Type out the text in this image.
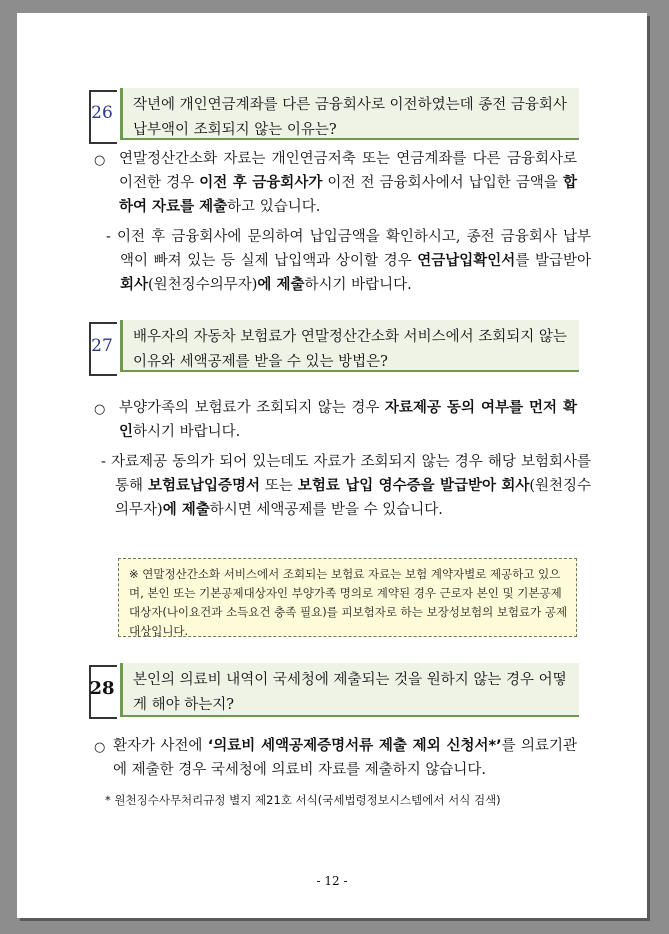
26	작년에 개인연금계좌를 다른 금융회사로 이전하였는데 종전 금융회사 납부액이 조회되지 않는 이유는?
○ 연말정산간소화 자료는 개인연금저축 또는 연금계좌를 다른 금융회사로 이전한 경우 이전 후 금융회사가 이전 전 금융회사에서 납입한 금액을 합하여 자료를 제출하고 있습니다.
- 이전 후 금융회사에 문의하여 납입금액을 확인하시고, 종전 금융회사 납부액이 빠져 있는 등 실제 납입액과 상이할 경우 연금납입확인서를 발급받아 회사(원천징수의무자)에 제출하시기 바랍니다.
27	배우자의 자동차 보험료가 연말정산간소화 서비스에서 조회되지 않는 이유와 세액공제를 받을 수 있는 방법은?
○ 부양가족의 보험료가 조회되지 않는 경우 자료제공 동의 여부를 먼저 확인하시기 바랍니다.
- 자료제공 동의가 되어 있는데도 자료가 조회되지 않는 경우 해당 보험회사를 통해 보험료납입증명서 또는 보험료 납입 영수증을 발급받아 회사(원천징수의무자)에 제출하시면 세액공제를 받을 수 있습니다.
※ 연말정산간소화 서비스에서 조회되는 보험료 자료는 보험 계약자별로 제공하고 있으며, 본인 또는 기본공제대상자인 부양가족 명의로 계약된 경우 근로자 본인 및 기본공제 대상자(나이요건과 소득요건 충족 필요)를 피보험자로 하는 보장성보험의 보험료가 공제 대상입니다.
28	본인의 의료비 내역이 국세청에 제출되는 것을 원하지 않는 경우 어떻게 해야 하는지?
○ 환자가 사전에 ‘의료비 세액공제증명서류 제출 제외 신청서*’를 의료기관에 제출한 경우 국세청에 의료비 자료를 제출하지 않습니다.
* 원천징수사무처리규정 별지 제21호 서식(국세법령정보시스템에서 서식 검색)
- 12 -
